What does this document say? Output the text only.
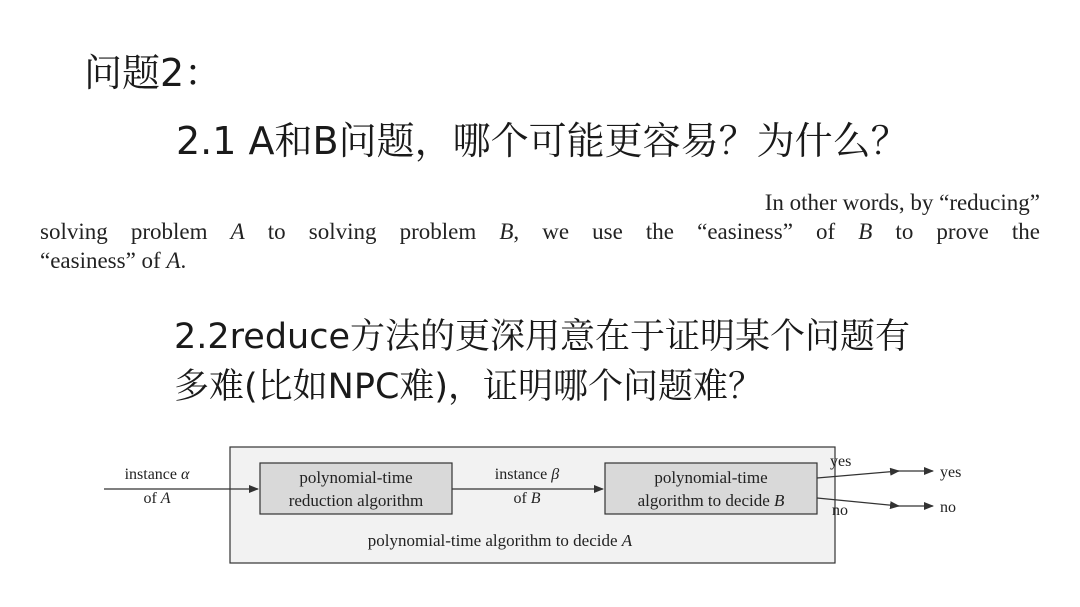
问题2：
2.1 A和B问题，哪个可能更容易？为什么？
In other words, by “reducing”
solving problem A to solving problem B, we use the “easiness” of B to prove the
“easiness” of A.
2.2reduce方法的更深用意在于证明某个问题有
多难(比如NPC难)，证明哪个问题难？
instance α
of A
polynomial-time
reduction algorithm
instance β
of B
polynomial-time
algorithm to decide B
yes
no
yes
no
polynomial-time algorithm to decide A
